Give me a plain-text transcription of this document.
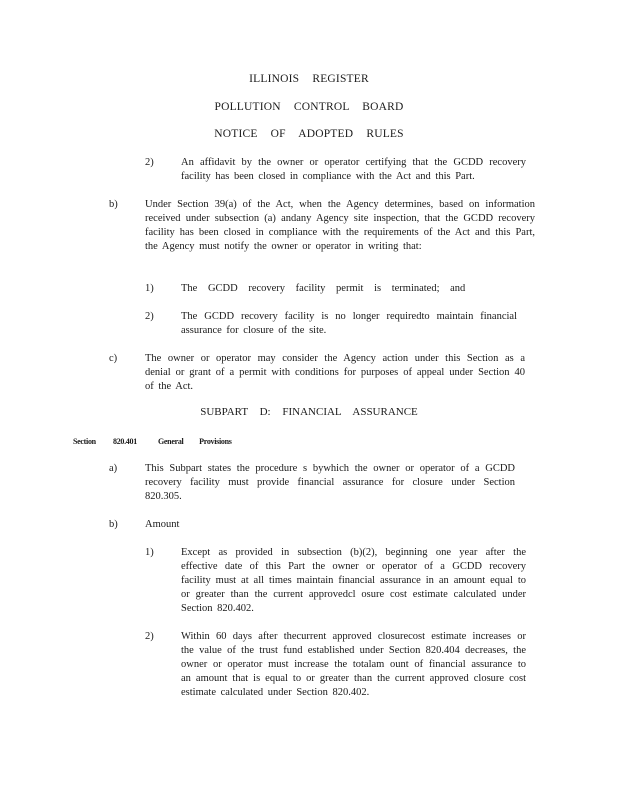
ILLINOIS REGISTER
POLLUTION CONTROL BOARD
NOTICE OF ADOPTED RULES
2)	An affidavit by the owner or operator certifying that the GCDD recovery facility has been closed in compliance with the Act and this Part.
b)	Under Section 39(a) of the Act, when the Agency determines, based on information received under subsection (a) andany Agency site inspection, that the GCDD recovery facility has been closed in compliance with the requirements of the Act and this Part, the Agency must notify the owner or operator in writing that:
1)	The GCDD recovery facility permit is terminated; and
2)	The GCDD recovery facility is no longer requiredto maintain financial assurance for closure of the site.
c)	The owner or operator may consider the Agency action under this Section as a denial or grant of a permit with conditions for purposes of appeal under Section 40 of the Act.
SUBPART D: FINANCIAL ASSURANCE
Section 820.401	General Provisions
a)	This Subpart states the procedure s bywhich the owner or operator of a GCDD recovery facility must provide financial assurance for closure under Section 820.305.
b)	Amount
1)	Except as provided in subsection (b)(2), beginning one year after the effective date of this Part the owner or operator of a GCDD recovery facility must at all times maintain financial assurance in an amount equal to or greater than the current approvedcl osure cost estimate calculated under Section 820.402.
2)	Within 60 days after thecurrent approved closurecost estimate increases or the value of the trust fund established under Section 820.404 decreases, the owner or operator must increase the totalam ount of financial assurance to an amount that is equal to or greater than the current approved closure cost estimate calculated under Section 820.402.
